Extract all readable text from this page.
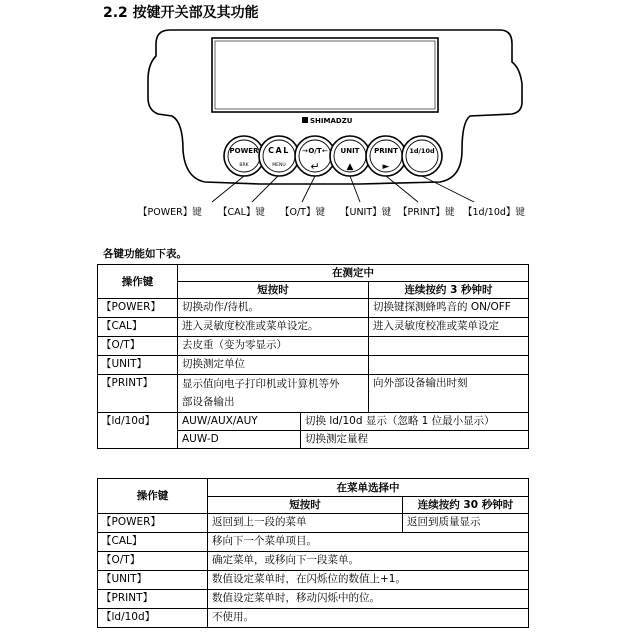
2.2 按键开关部及其功能
SHIMADZU
POWER
BRK
CAL
MENU
→ O/T ←
↵
UNIT
▲
PRINT
►
1d/10d
【POWER】键 【CAL】键 【O/T】键 【UNIT】键 【PRINT】键 【1d/10d】键
各键功能如下表。
操作键	在测定中		
	短按时		连续按约 3 秒钟时
【POWER】	切换动作/待机。		切换键探测蜂鸣音的 ON/OFF
【CAL】	进入灵敏度校准或菜单设定。		进入灵敏度校准或菜单设定
【O/T】	去皮重（变为零显示）		
【UNIT】	切换测定单位		
【PRINT】	显示值向电子打印机或计算机等外
部设备输出		向外部设备输出时刻
【ld/10d】	AUW/AUX/AUY	切换 ld/10d 显示（忽略 1 位最小显示）	
	AUW-D	切换测定量程	
操作键	在菜单选择中	
	短按时	连续按约 30 秒钟时
【POWER】	返回到上一段的菜单	返回到质量显示
【CAL】	移向下一个菜单项目。	
【O/T】	确定菜单，或移向下一段菜单。	
【UNIT】	数值设定菜单时，在闪烁位的数值上+1。	
【PRINT】	数值设定菜单时，移动闪烁中的位。	
【ld/10d】	不使用。	
